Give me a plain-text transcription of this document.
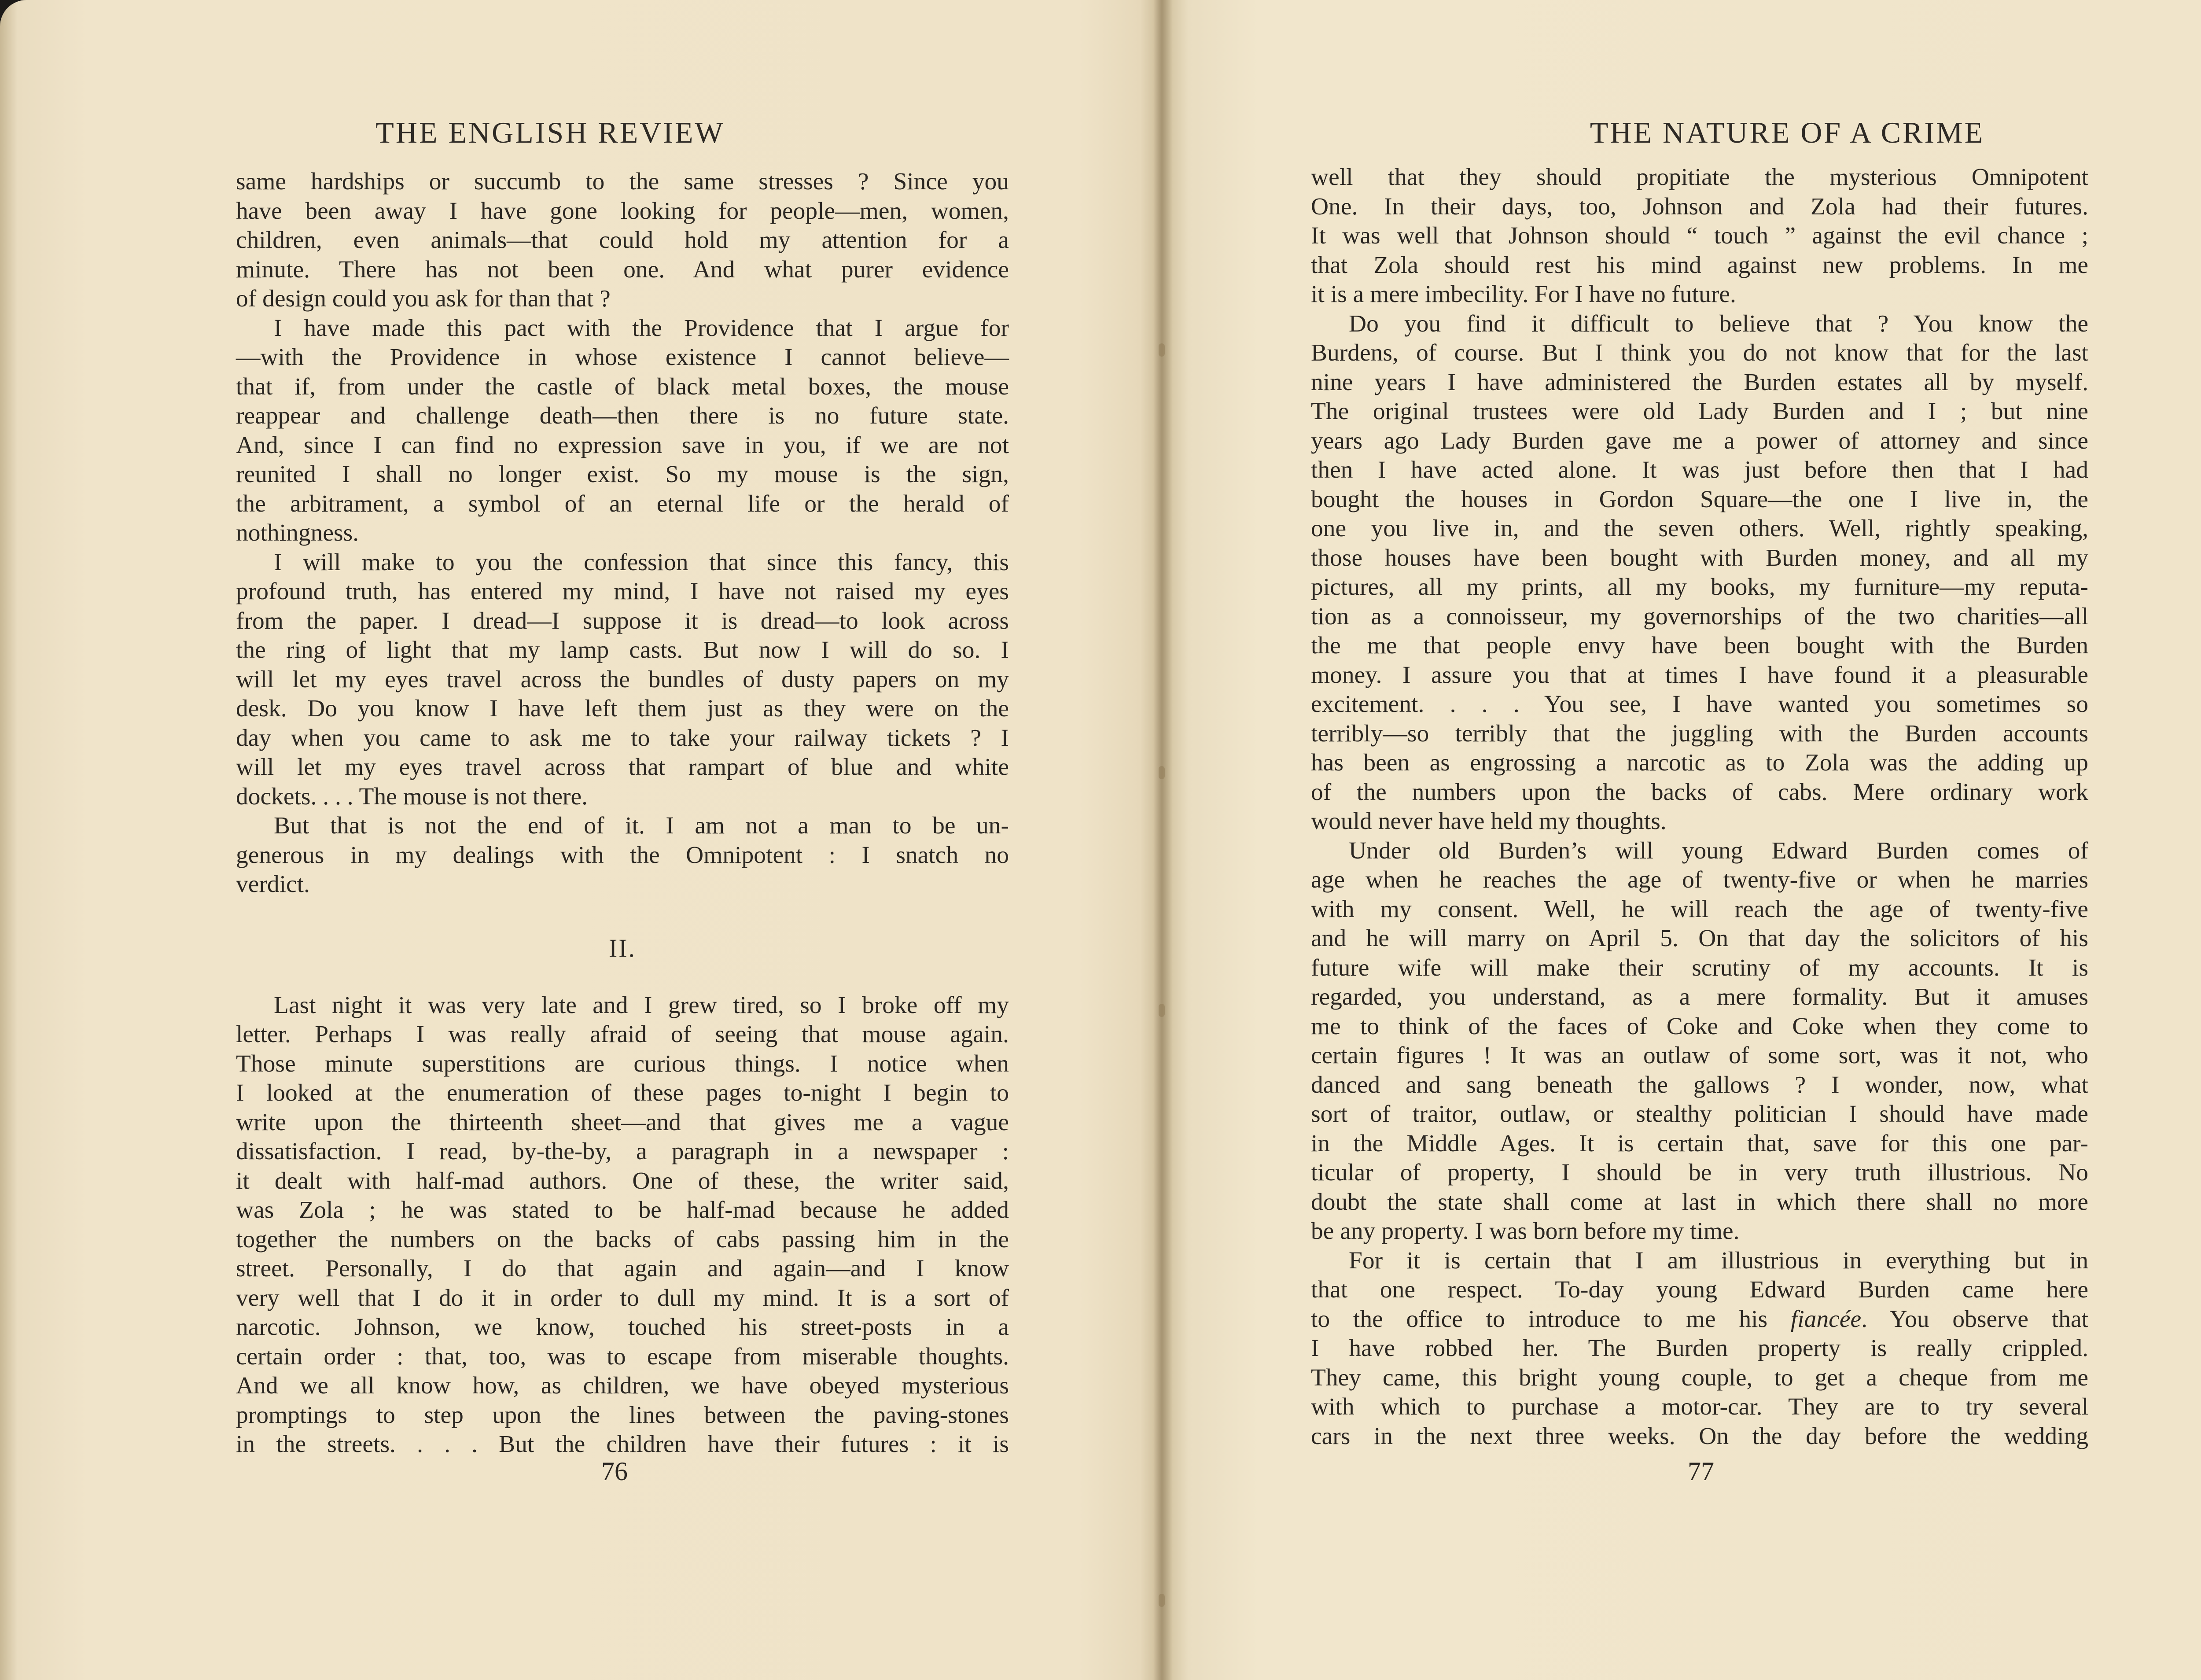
THE ENGLISH REVIEW
same hardships or succumb to the same stresses ? Since you
have been away I have gone looking for people—men, women,
children, even animals—that could hold my attention for a
minute. There has not been one. And what purer evidence
of design could you ask for than that ?
I have made this pact with the Providence that I argue for
—with the Providence in whose existence I cannot believe—
that if, from under the castle of black metal boxes, the mouse
reappear and challenge death—then there is no future state.
And, since I can find no expression save in you, if we are not
reunited I shall no longer exist. So my mouse is the sign,
the arbitrament, a symbol of an eternal life or the herald of
nothingness.
I will make to you the confession that since this fancy, this
profound truth, has entered my mind, I have not raised my eyes
from the paper. I dread—I suppose it is dread—to look across
the ring of light that my lamp casts. But now I will do so. I
will let my eyes travel across the bundles of dusty papers on my
desk. Do you know I have left them just as they were on the
day when you came to ask me to take your railway tickets ? I
will let my eyes travel across that rampart of blue and white
dockets. . . . The mouse is not there.
But that is not the end of it. I am not a man to be un-
generous in my dealings with the Omnipotent : I snatch no
verdict.
II.
Last night it was very late and I grew tired, so I broke off my
letter. Perhaps I was really afraid of seeing that mouse again.
Those minute superstitions are curious things. I notice when
I looked at the enumeration of these pages to-night I begin to
write upon the thirteenth sheet—and that gives me a vague
dissatisfaction. I read, by-the-by, a paragraph in a newspaper :
it dealt with half-mad authors. One of these, the writer said,
was Zola ; he was stated to be half-mad because he added
together the numbers on the backs of cabs passing him in the
street. Personally, I do that again and again—and I know
very well that I do it in order to dull my mind. It is a sort of
narcotic. Johnson, we know, touched his street-posts in a
certain order : that, too, was to escape from miserable thoughts.
And we all know how, as children, we have obeyed mysterious
promptings to step upon the lines between the paving-stones
in the streets. . . . But the children have their futures : it is
76
THE NATURE OF A CRIME
well that they should propitiate the mysterious Omnipotent
One. In their days, too, Johnson and Zola had their futures.
It was well that Johnson should “ touch ” against the evil chance ;
that Zola should rest his mind against new problems. In me
it is a mere imbecility. For I have no future.
Do you find it difficult to believe that ? You know the
Burdens, of course. But I think you do not know that for the last
nine years I have administered the Burden estates all by myself.
The original trustees were old Lady Burden and I ; but nine
years ago Lady Burden gave me a power of attorney and since
then I have acted alone. It was just before then that I had
bought the houses in Gordon Square—the one I live in, the
one you live in, and the seven others. Well, rightly speaking,
those houses have been bought with Burden money, and all my
pictures, all my prints, all my books, my furniture—my reputa-
tion as a connoisseur, my governorships of the two charities—all
the me that people envy have been bought with the Burden
money. I assure you that at times I have found it a pleasurable
excitement. . . . You see, I have wanted you sometimes so
terribly—so terribly that the juggling with the Burden accounts
has been as engrossing a narcotic as to Zola was the adding up
of the numbers upon the backs of cabs. Mere ordinary work
would never have held my thoughts.
Under old Burden’s will young Edward Burden comes of
age when he reaches the age of twenty-five or when he marries
with my consent. Well, he will reach the age of twenty-five
and he will marry on April 5. On that day the solicitors of his
future wife will make their scrutiny of my accounts. It is
regarded, you understand, as a mere formality. But it amuses
me to think of the faces of Coke and Coke when they come to
certain figures ! It was an outlaw of some sort, was it not, who
danced and sang beneath the gallows ? I wonder, now, what
sort of traitor, outlaw, or stealthy politician I should have made
in the Middle Ages. It is certain that, save for this one par-
ticular of property, I should be in very truth illustrious. No
doubt the state shall come at last in which there shall no more
be any property. I was born before my time.
For it is certain that I am illustrious in everything but in
that one respect. To-day young Edward Burden came here
to the office to introduce to me his fiancée. You observe that
I have robbed her. The Burden property is really crippled.
They came, this bright young couple, to get a cheque from me
with which to purchase a motor-car. They are to try several
cars in the next three weeks. On the day before the wedding
77
